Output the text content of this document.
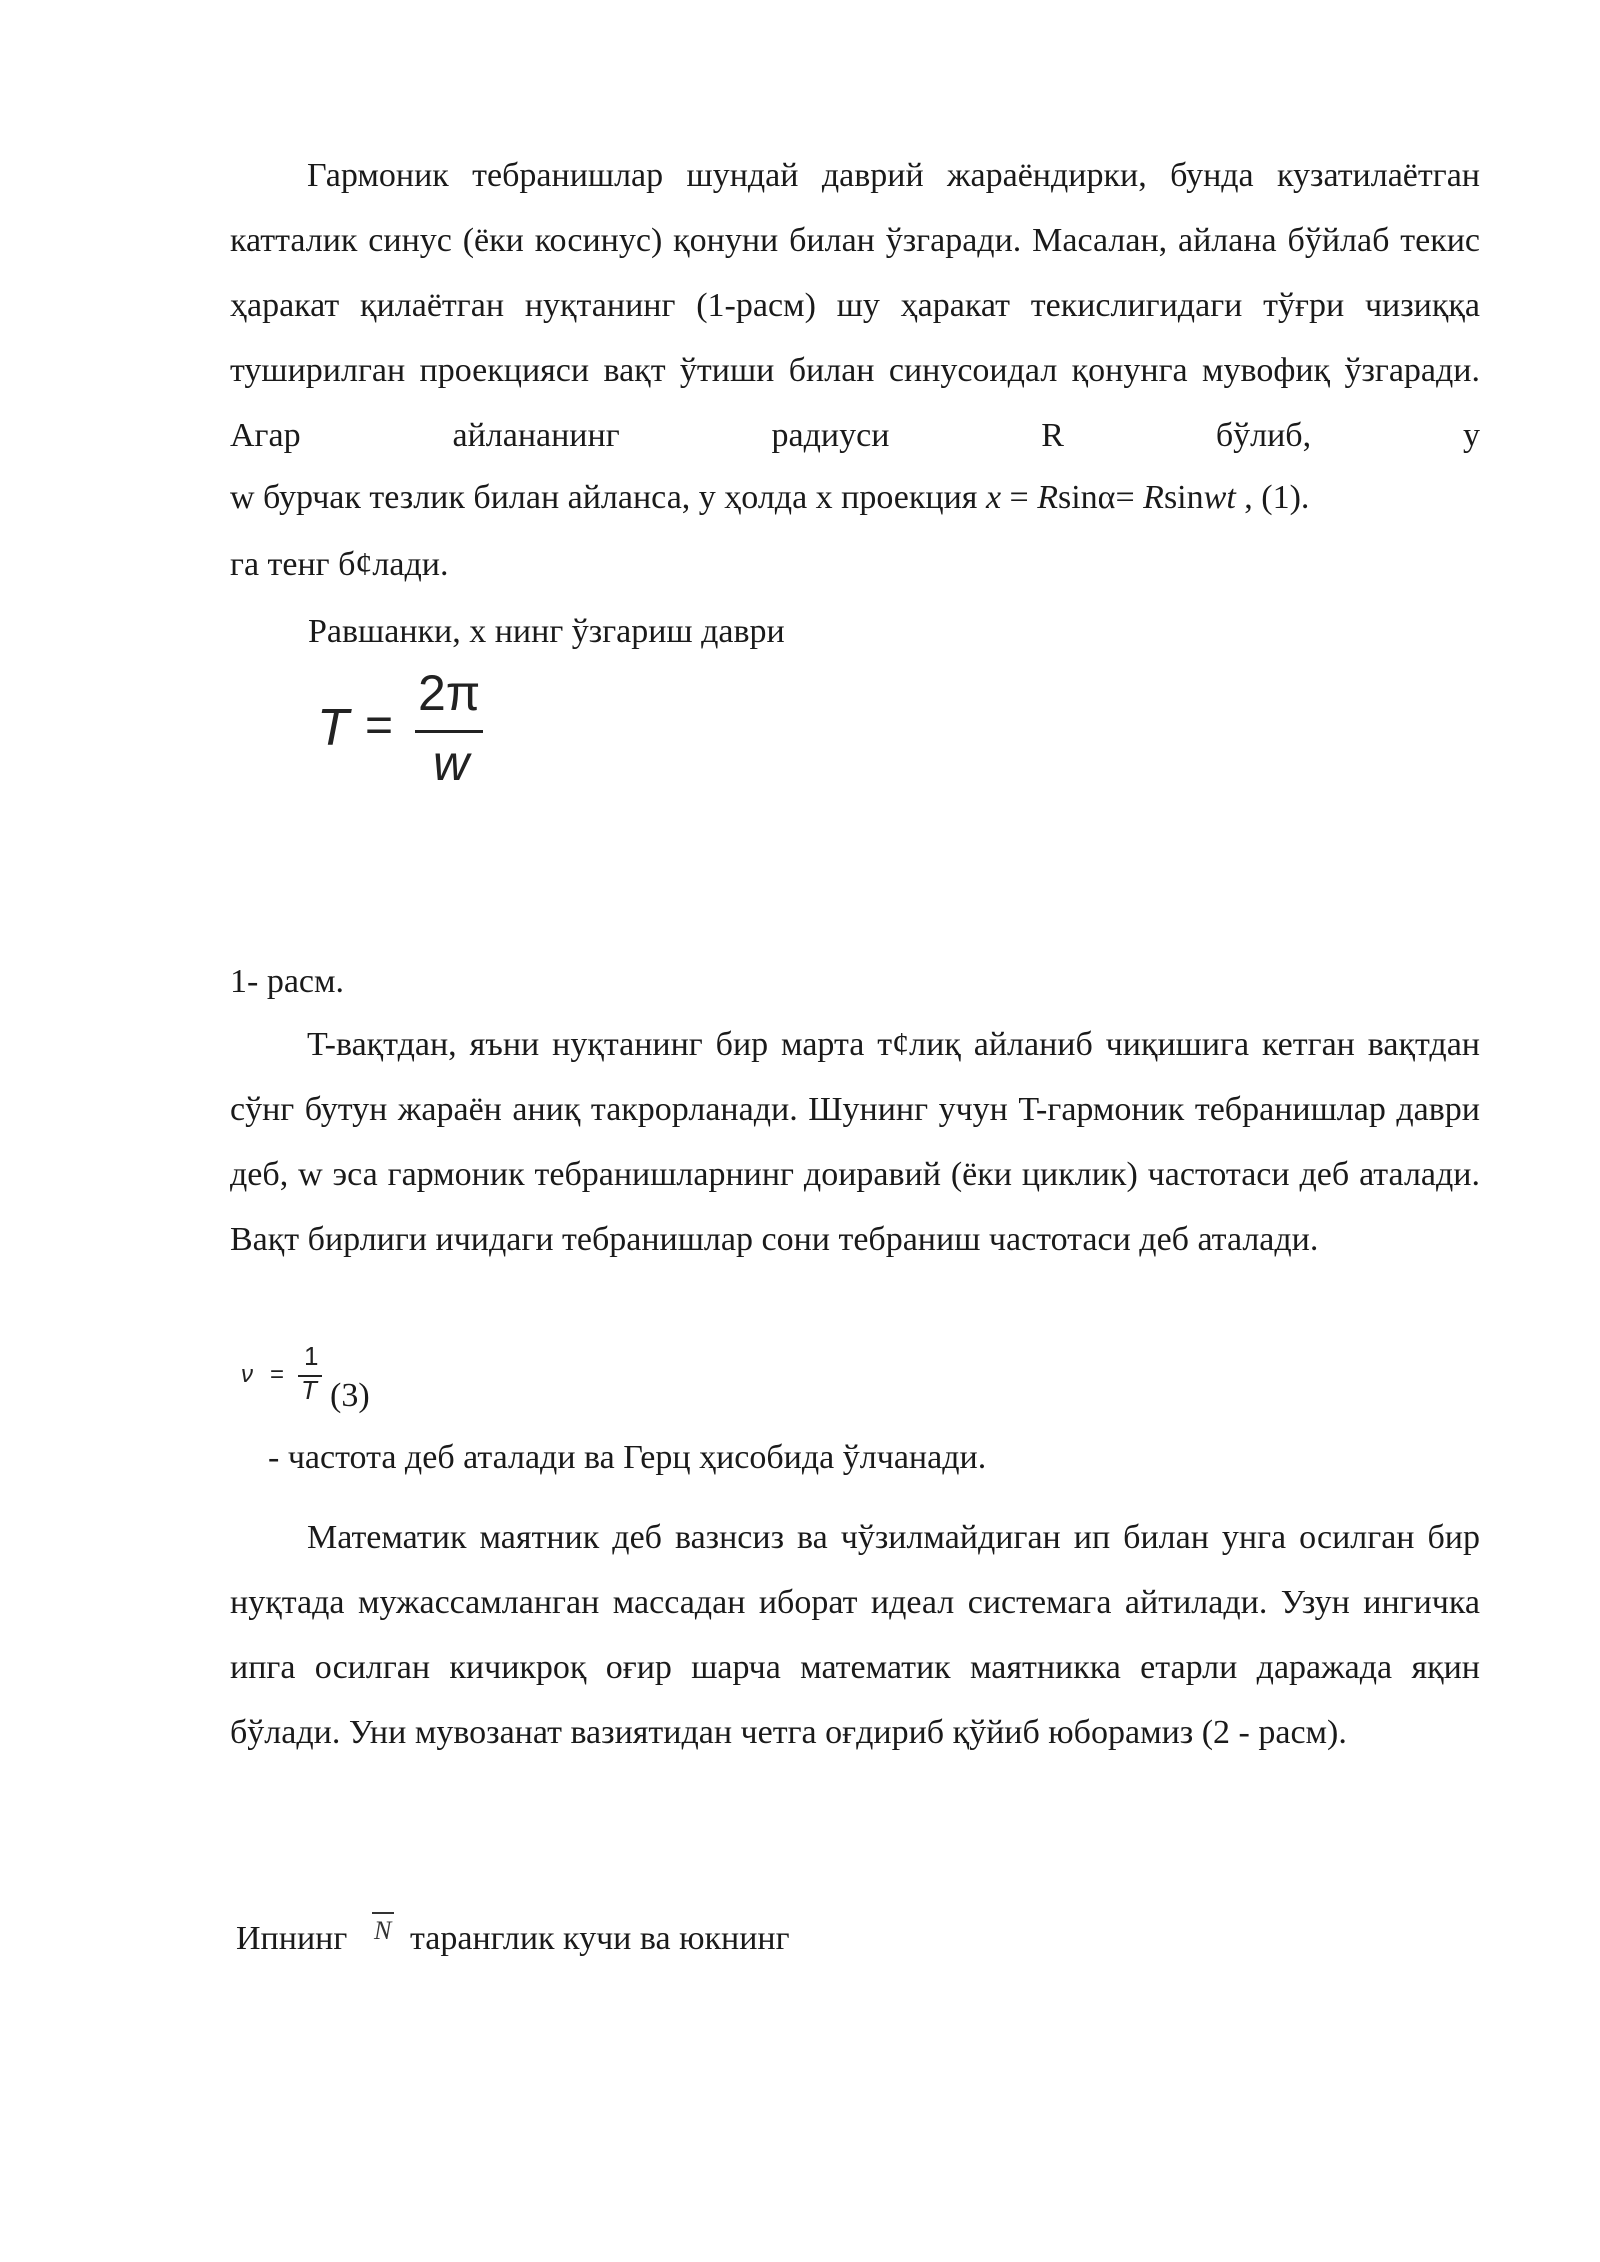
Гармоник тебранишлар шундай даврий жараёндирки, бунда кузатилаётган катталик синус (ёки косинус) қонуни билан ўзгаради. Масалан, айлана бўйлаб текис ҳаракат қилаётган нуқтанинг (1-расм) шу ҳаракат текислигидаги тўғри чизиққа туширилган проекцияси вақт ўтиши билан синусоидал қонунга мувофиқ ўзгаради. Агар айлананинг радиуси R бўлиб, у

w бурчак тезлик билан айланса, у ҳолда x проекция x = Rsinα= Rsinwt , (1).
га тенг б¢лади.
Равшанки, x нинг ўзгариш даври
T =
2π
w
1- расм.

T-вақтдан, яъни нуқтанинг бир марта т¢лиқ айланиб чиқишига кетган вақтдан сўнг бутун жараён аниқ такрорланади. Шунинг учун T-гармоник тебранишлар даври деб, w эса гармоник тебранишларнинг доиравий (ёки циклик) частотаси деб аталади. Вақт бирлиги ичидаги тебранишлар сони тебраниш частотаси деб аталади.

ν =
1
T (3)
- частота деб аталади ва Герц ҳисобида ўлчанади.

Математик маятник деб вазнсиз ва чўзилмайдиган ип билан унга осилган бир нуқтада мужассамланган массадан иборат идеал системага айтилади. Узун ингичка ипга осилган кичикроқ оғир шарча математик маятникка етарли даражада яқин бўлади. Уни мувозанат вазиятидан четга оғдириб қўйиб юборамиз (2 - расм).

Ипнинг N таранглик кучи ва юкнинг
